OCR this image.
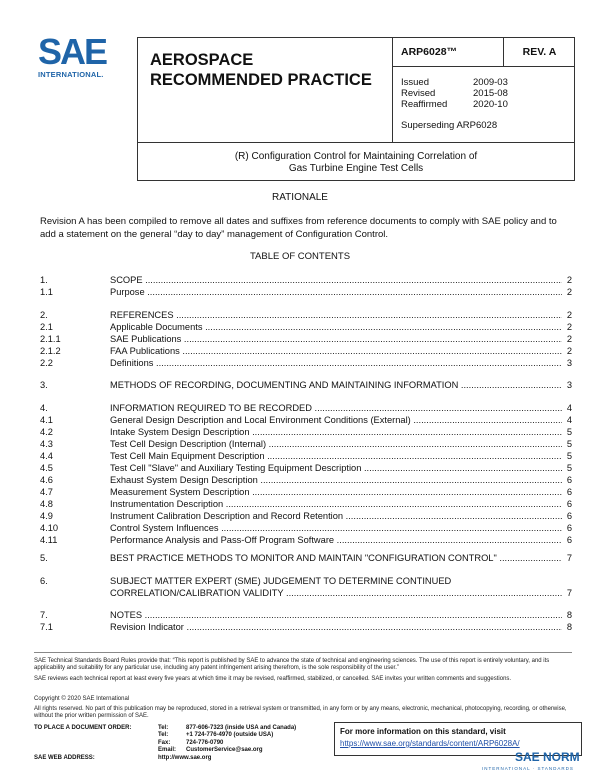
SAE
INTERNATIONAL.
AEROSPACE
RECOMMENDED PRACTICE
ARP6028™	REV. A
Issued	2009-03
Revised	2015-08
Reaffirmed	2020-10
Superseding ARP6028
(R) Configuration Control for Maintaining Correlation of
Gas Turbine Engine Test Cells
RATIONALE
Revision A has been compiled to remove all dates and suffixes from reference documents to comply with SAE policy and to add a statement on the general “day to day” management of Configuration Control.
TABLE OF CONTENTS
1.	SCOPE .....	2
1.1	Purpose .....	2
2.	REFERENCES .....	2
2.1	Applicable Documents .....	2
2.1.1	SAE Publications .....	2
2.1.2	FAA Publications .....	2
2.2	Definitions .....	3
3.	METHODS OF RECORDING, DOCUMENTING AND MAINTAINING INFORMATION .....	3
4.	INFORMATION REQUIRED TO BE RECORDED .....	4
4.1	General Design Description and Local Environment Conditions (External) .....	4
4.2	Intake System Design Description .....	5
4.3	Test Cell Design Description (Internal) .....	5
4.4	Test Cell Main Equipment Description .....	5
4.5	Test Cell "Slave" and Auxiliary Testing Equipment Description .....	5
4.6	Exhaust System Design Description .....	6
4.7	Measurement System Description .....	6
4.8	Instrumentation Description .....	6
4.9	Instrument Calibration Description and Record Retention .....	6
4.10	Control System Influences .....	6
4.11	Performance Analysis and Pass-Off Program Software .....	6
5.	BEST PRACTICE METHODS TO MONITOR AND MAINTAIN "CONFIGURATION CONTROL" .....	7
6.	SUBJECT MATTER EXPERT (SME) JUDGEMENT TO DETERMINE CONTINUED
CORRELATION/CALIBRATION VALIDITY .....	7
7.	NOTES .....	8
7.1	Revision Indicator .....	8
SAE Technical Standards Board Rules provide that: “This report is published by SAE to advance the state of technical and engineering sciences. The use of this report is entirely voluntary, and its applicability and suitability for any particular use, including any patent infringement arising therefrom, is the sole responsibility of the user.”
SAE reviews each technical report at least every five years at which time it may be revised, reaffirmed, stabilized, or cancelled. SAE invites your written comments and suggestions.
Copyright © 2020 SAE International
All rights reserved. No part of this publication may be reproduced, stored in a retrieval system or transmitted, in any form or by any means, electronic, mechanical, photocopying, recording, or otherwise, without the prior written permission of SAE.
TO PLACE A DOCUMENT ORDER:	Tel:	877-606-7323 (inside USA and Canada)
Tel:	+1 724-776-4970 (outside USA)
Fax:	724-776-0790
Email: CustomerService@sae.org
SAE WEB ADDRESS:	http://www.sae.org
For more information on this standard, visit
https://www.sae.org/standards/content/ARP6028A/
SAE NORM
INTERNATIONAL · STANDARDS
